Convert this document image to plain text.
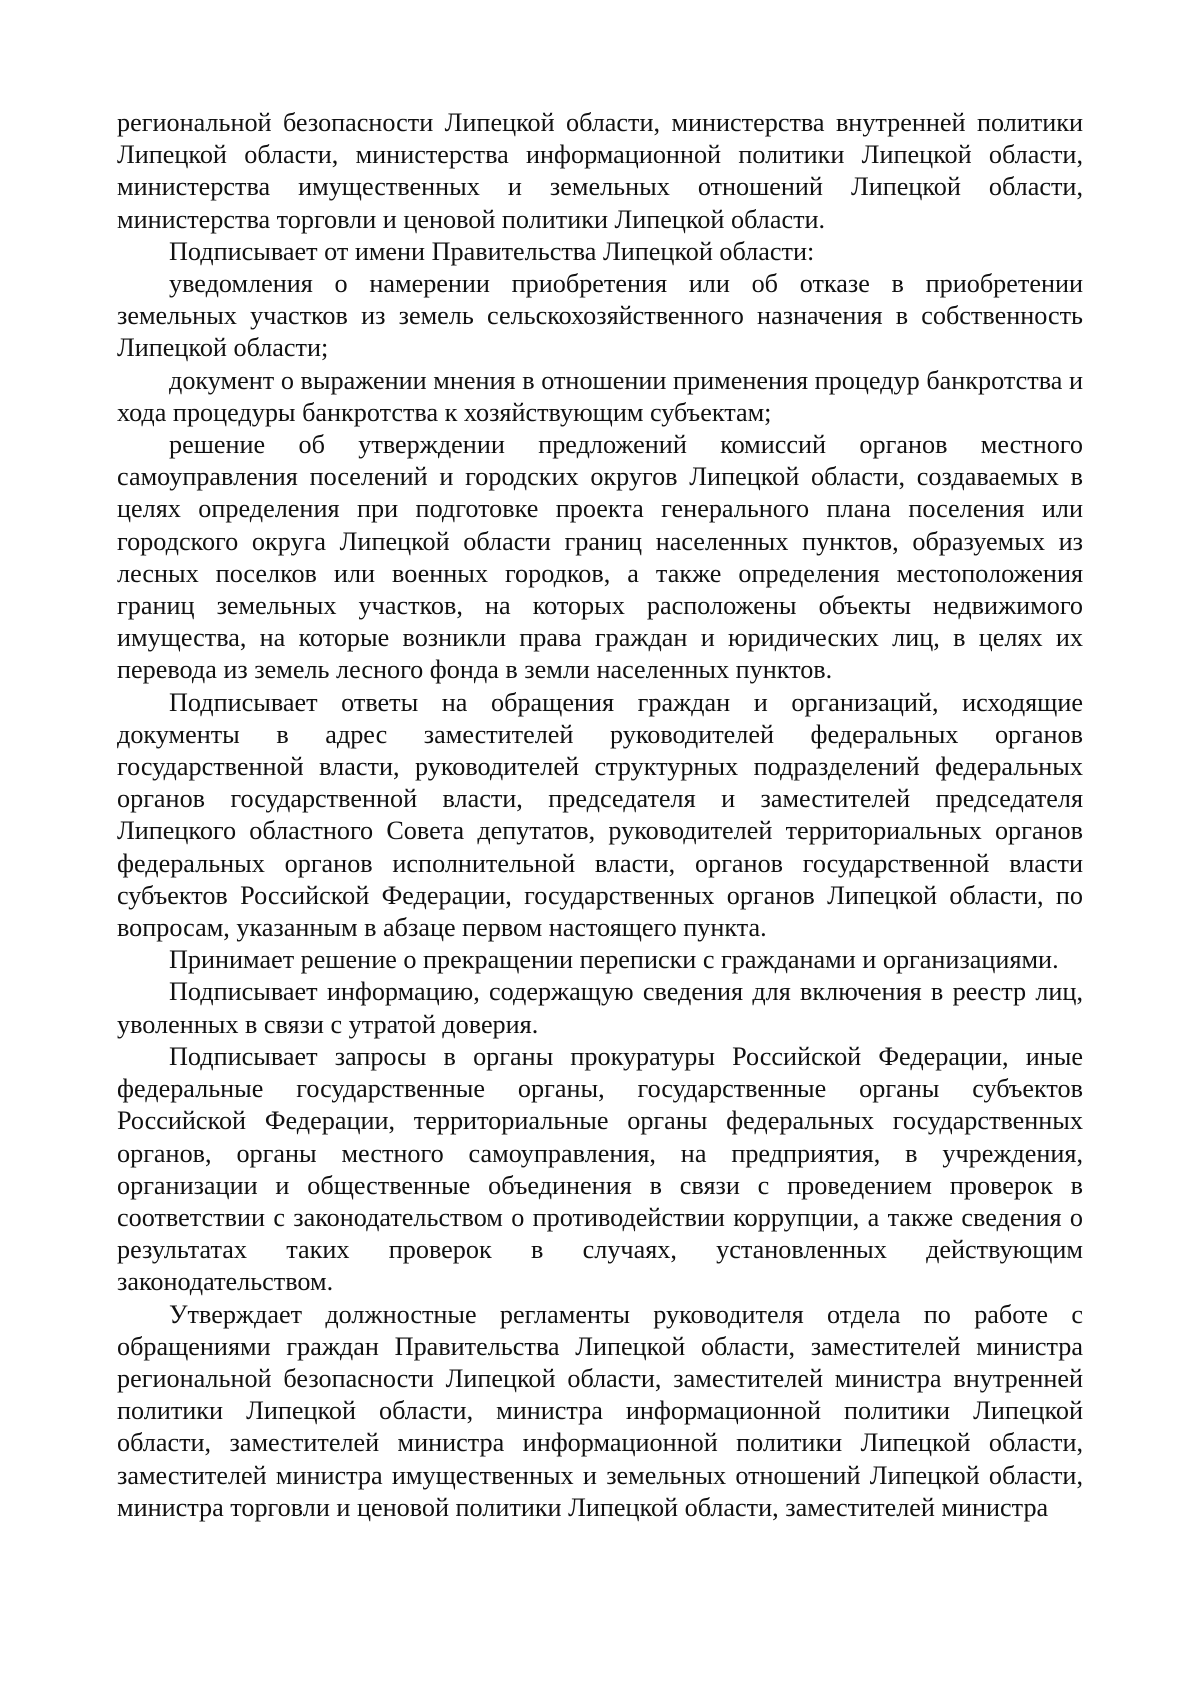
региональной безопасности Липецкой области, министерства внутренней политики Липецкой области, министерства информационной политики Липецкой области, министерства имущественных и земельных отношений Липецкой области, министерства торговли и ценовой политики Липецкой области.

Подписывает от имени Правительства Липецкой области:

уведомления о намерении приобретения или об отказе в приобретении земельных участков из земель сельскохозяйственного назначения в собственность Липецкой области;

документ о выражении мнения в отношении применения процедур банкротства и хода процедуры банкротства к хозяйствующим субъектам;

решение об утверждении предложений комиссий органов местного самоуправления поселений и городских округов Липецкой области, создаваемых в целях определения при подготовке проекта генерального плана поселения или городского округа Липецкой области границ населенных пунктов, образуемых из лесных поселков или военных городков, а также определения местоположения границ земельных участков, на которых расположены объекты недвижимого имущества, на которые возникли права граждан и юридических лиц, в целях их перевода из земель лесного фонда в земли населенных пунктов.

Подписывает ответы на обращения граждан и организаций, исходящие документы в адрес заместителей руководителей федеральных органов государственной власти, руководителей структурных подразделений федеральных органов государственной власти, председателя и заместителей председателя Липецкого областного Совета депутатов, руководителей территориальных органов федеральных органов исполнительной власти, органов государственной власти субъектов Российской Федерации, государственных органов Липецкой области, по вопросам, указанным в абзаце первом настоящего пункта.

Принимает решение о прекращении переписки с гражданами и организациями.

Подписывает информацию, содержащую сведения для включения в реестр лиц, уволенных в связи с утратой доверия.

Подписывает запросы в органы прокуратуры Российской Федерации, иные федеральные государственные органы, государственные органы субъектов Российской Федерации, территориальные органы федеральных государственных органов, органы местного самоуправления, на предприятия, в учреждения, организации и общественные объединения в связи с проведением проверок в соответствии с законодательством о противодействии коррупции, а также сведения о результатах таких проверок в случаях, установленных действующим законодательством.

Утверждает должностные регламенты руководителя отдела по работе с обращениями граждан Правительства Липецкой области, заместителей министра региональной безопасности Липецкой области, заместителей министра внутренней политики Липецкой области, министра информационной политики Липецкой области, заместителей министра информационной политики Липецкой области, заместителей министра имущественных и земельных отношений Липецкой области, министра торговли и ценовой политики Липецкой области, заместителей министра
